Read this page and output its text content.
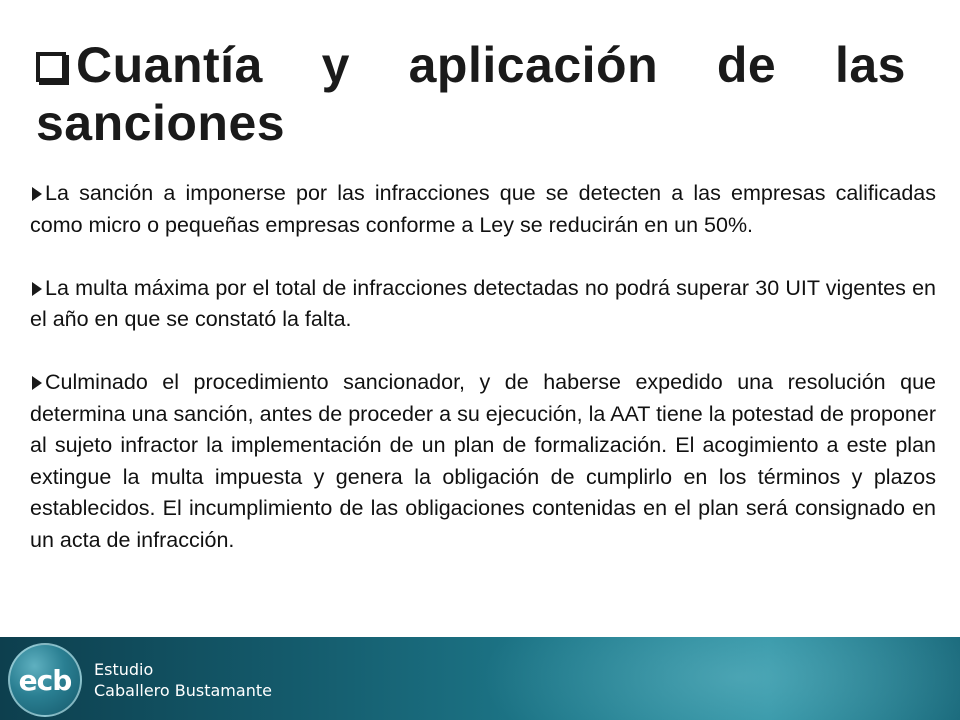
Cuantía y aplicación de las
sanciones

La sanción a imponerse por las infracciones que se detecten a las empresas calificadas como micro o pequeñas empresas conforme a Ley se reducirán en un 50%.

La multa máxima por el total de infracciones detectadas no podrá superar 30 UIT vigentes en el año en que se constató la falta.

Culminado el procedimiento sancionador, y de haberse expedido una resolución que determina una sanción, antes de proceder a su ejecución, la AAT tiene la potestad de proponer al sujeto infractor la implementación de un plan de formalización. El acogimiento a este plan extingue la multa impuesta y genera la obligación de cumplirlo en los términos y plazos establecidos. El incumplimiento de las obligaciones contenidas en el plan será consignado en un acta de infracción.

ecb Estudio
Caballero Bustamante
